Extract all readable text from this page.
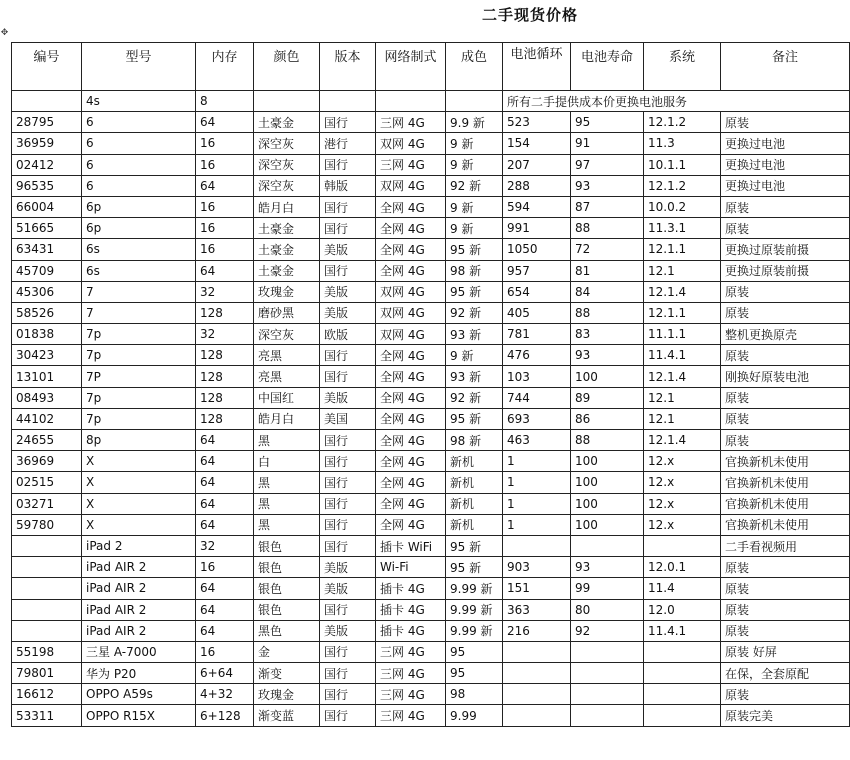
✥
二手现货价格
编号	型号	内存	颜色	版本	网络制式	成色	电池循环	电池寿命	系统	备注
	4s	8					所有二手提供成本价更换电池服务			
28795	6	64	土豪金	国行	三网 4G	9.9 新	523	95	12.1.2	原装
36959	6	16	深空灰	港行	双网 4G	9 新	154	91	11.3	更换过电池
02412	6	16	深空灰	国行	三网 4G	9 新	207	97	10.1.1	更换过电池
96535	6	64	深空灰	韩版	双网 4G	92 新	288	93	12.1.2	更换过电池
66004	6p	16	皓月白	国行	全网 4G	9 新	594	87	10.0.2	原装
51665	6p	16	土豪金	国行	全网 4G	9 新	991	88	11.3.1	原装
63431	6s	16	土豪金	美版	全网 4G	95 新	1050	72	12.1.1	更换过原装前摄
45709	6s	64	土豪金	国行	全网 4G	98 新	957	81	12.1	更换过原装前摄
45306	7	32	玫瑰金	美版	双网 4G	95 新	654	84	12.1.4	原装
58526	7	128	磨砂黑	美版	双网 4G	92 新	405	88	12.1.1	原装
01838	7p	32	深空灰	欧版	双网 4G	93 新	781	83	11.1.1	整机更换原壳
30423	7p	128	亮黑	国行	全网 4G	9 新	476	93	11.4.1	原装
13101	7P	128	亮黑	国行	全网 4G	93 新	103	100	12.1.4	刚换好原装电池
08493	7p	128	中国红	美版	全网 4G	92 新	744	89	12.1	原装
44102	7p	128	皓月白	美国	全网 4G	95 新	693	86	12.1	原装
24655	8p	64	黑	国行	全网 4G	98 新	463	88	12.1.4	原装
36969	X	64	白	国行	全网 4G	新机	1	100	12.x	官换新机未使用
02515	X	64	黑	国行	全网 4G	新机	1	100	12.x	官换新机未使用
03271	X	64	黑	国行	全网 4G	新机	1	100	12.x	官换新机未使用
59780	X	64	黑	国行	全网 4G	新机	1	100	12.x	官换新机未使用
	iPad 2	32	银色	国行	插卡 WiFi	95 新				二手看视频用
	iPad AIR 2	16	银色	美版	Wi-Fi	95 新	903	93	12.0.1	原装
	iPad AIR 2	64	银色	美版	插卡 4G	9.99 新	151	99	11.4	原装
	iPad AIR 2	64	银色	国行	插卡 4G	9.99 新	363	80	12.0	原装
	iPad AIR 2	64	黑色	美版	插卡 4G	9.99 新	216	92	11.4.1	原装
55198	三星 A-7000	16	金	国行	三网 4G	95				原装 好屏
79801	华为 P20	6+64	渐变	国行	三网 4G	95				在保，全套原配
16612	OPPO A59s	4+32	玫瑰金	国行	三网 4G	98				原装
53311	OPPO R15X	6+128	渐变蓝	国行	三网 4G	9.99				原装完美
